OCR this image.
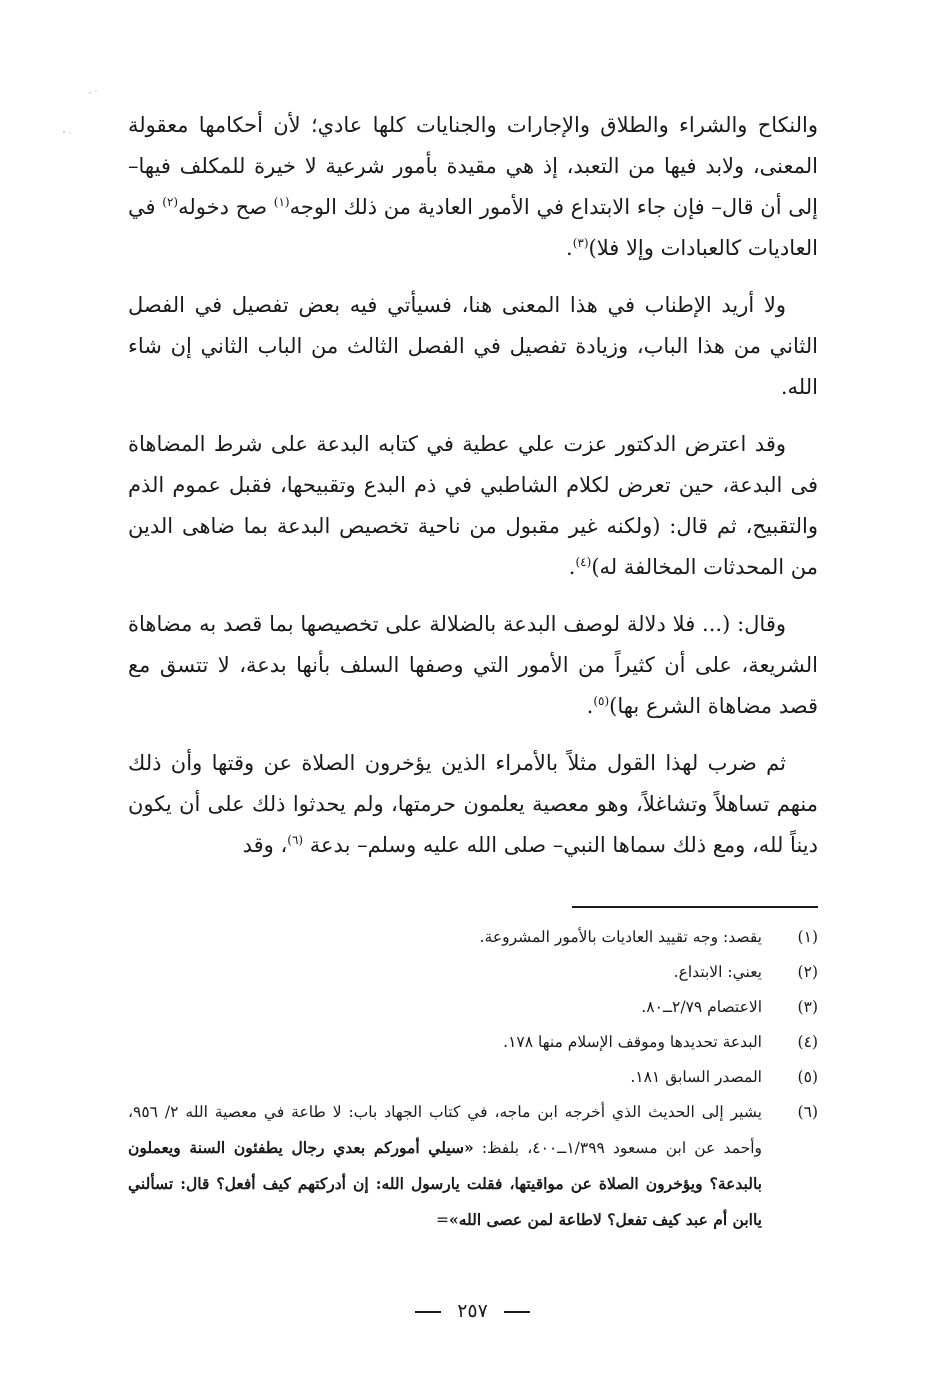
والنكاح والشراء والطلاق والإجارات والجنايات كلها عادي؛ لأن أحكامها معقولة المعنى، ولابد فيها من التعبد، إذ هي مقيدة بأمور شرعية لا خيرة للمكلف فيها– إلى أن قال– فإن جاء الابتداع في الأمور العادية من ذلك الوجه$^{(١)}$ صح دخوله$^{(٢)}$ في العاديات كالعبادات وإلا فلا)$^{(٣)}$.
ولا أريد الإطناب في هذا المعنى هنا، فسيأتي فيه بعض تفصيل في الفصل الثاني من هذا الباب، وزيادة تفصيل في الفصل الثالث من الباب الثاني إن شاء الله.
وقد اعترض الدكتور عزت علي عطية في كتابه البدعة على شرط المضاهاة فى البدعة، حين تعرض لكلام الشاطبي في ذم البدع وتقبيحها، فقبل عموم الذم والتقبيح، ثم قال: (ولكنه غير مقبول من ناحية تخصيص البدعة بما ضاهى الدين من المحدثات المخالفة له)$^{(٤)}$.
وقال: (... فلا دلالة لوصف البدعة بالضلالة على تخصيصها بما قصد به مضاهاة الشريعة، على أن كثيراً من الأمور التي وصفها السلف بأنها بدعة، لا تتسق مع قصد مضاهاة الشرع بها)$^{(٥)}$.
ثم ضرب لهذا القول مثلاً بالأمراء الذين يؤخرون الصلاة عن وقتها وأن ذلك منهم تساهلاً وتشاغلاً، وهو معصية يعلمون حرمتها، ولم يحدثوا ذلك على أن يكون ديناً لله، ومع ذلك سماها النبي– صلى الله عليه وسلم– بدعة $^{(٦)}$، وقد
(١)
يقصد: وجه تقييد العاديات بالأمور المشروعة.
(٢)
يعني: الابتداع.
(٣)
الاعتصام ٢/٧٩ــ٨٠.
(٤)
البدعة تحديدها وموقف الإسلام منها ١٧٨.
(٥)
المصدر السابق ١٨١.
(٦)
يشير إلى الحديث الذي أخرجه ابن ماجه، في كتاب الجهاد باب: لا طاعة في معصية الله ٢/ ٩٥٦، وأحمد عن ابن مسعود ١/٣٩٩ــ٤٠٠، بلفظ: «سيلي أموركم بعدي رجال يطفئون السنة ويعملون بالبدعة؟ ويؤخرون الصلاة عن مواقيتها، فقلت يارسول الله: إن أدركتهم كيف أفعل؟ قال: تسألني ياابن أم عبد كيف تفعل؟ لاطاعة لمن عصى الله»=
٢٥٧
